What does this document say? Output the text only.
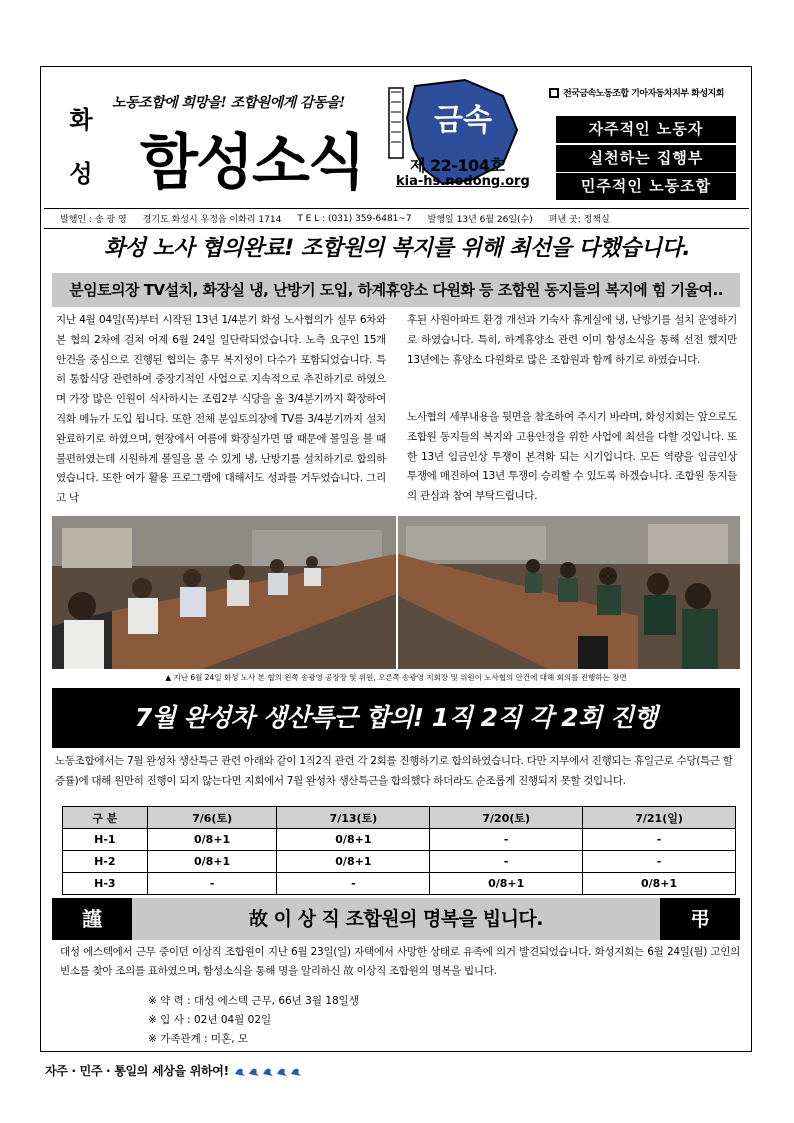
화
성
노동조합에 희망을! 조합원에게 감동을!
함성소식
금속
제 22-104호
kia-hs.nodong.org
전국금속노동조합 기아자동차지부 화성지회
자주적인 노동자
실천하는 집행부
민주적인 노동조합
발행인 : 송 광 영 경기도 화성시 우정읍 이화리 1714 T E L : (031) 359-6481~7 발행일 13년 6월 26일(수) 펴낸 곳: 정책실
화성 노사 협의완료! 조합원의 복지를 위해 최선을 다했습니다.
분임토의장 TV설치, 화장실 냉, 난방기 도입, 하계휴양소 다원화 등 조합원 동지들의 복지에 힘 기울여..
지난 4월 04일(목)부터 시작된 13년 1/4분기 화성 노사협의가 실무 6차와 본 협의 2차에 걸쳐 어제 6월 24일 일단락되었습니다. 노측 요구인 15개 안건을 중심으로 진행된 협의는 총무 복지성이 다수가 포함되었습니다. 특히 통합식당 관련하여 중장기적인 사업으로 지속적으로 추진하기로 하였으며 가장 많은 인원이 식사하시는 조립2부 식당을 올 3/4분기까지 확장하여 직화 메뉴가 도입 됩니다. 또한 전체 분임토의장에 TV를 3/4분기까지 설치 완료하기로 하였으며, 현장에서 여름에 화장실가면 땀 때문에 볼일을 볼 때 불편하였는데 시원하게 볼일을 볼 수 있게 냉, 난방기를 설치하기로 합의하였습니다. 또한 여가 활용 프로그램에 대해서도 성과를 거두었습니다. 그리고 낙
후된 사원아파트 환경 개선과 기숙사 휴게실에 냉, 난방기를 설치 운영하기로 하였습니다. 특히, 하계휴양소 관련 이미 함성소식을 통해 선전 했지만 13년에는 휴양소 다원화로 많은 조합원과 함께 하기로 하였습니다.
노사협의 세부내용을 뒷면을 참조하여 주시기 바라며, 화성지회는 앞으로도 조합원 동지들의 복지와 고용안정을 위한 사업에 최선을 다할 것입니다. 또한 13년 임금인상 투쟁이 본격화 되는 시기입니다. 모든 역량을 임금인상 투쟁에 매진하여 13년 투쟁이 승리할 수 있도록 하겠습니다. 조합원 동지들의 관심과 참여 부탁드립니다.
▲ 지난 6월 24일 화성 노사 본 협의 왼쪽 송광영 공장장 및 위원, 오른쪽 송광영 지회장 및 위원이 노사협의 안건에 대해 회의를 진행하는 장면
7월 완성차 생산특근 합의! 1직 2직 각 2회 진행
노동조합에서는 7월 완성차 생산특근 관련 아래와 같이 1직2직 관련 각 2회를 진행하기로 합의하였습니다. 다만 지부에서 진행되는 휴일근로 수당(특근 할증률)에 대해 원만히 진행이 되지 않는다면 지회에서 7월 완성차 생산특근을 합의했다 하더라도 순조롭게 진행되지 못할 것입니다.
구 분	7/6(토)	7/13(토)	7/20(토)	7/21(일)
H-1	0/8+1	0/8+1	-	-
H-2	0/8+1	0/8+1	-	-
H-3	-	-	0/8+1	0/8+1
謹	故 이 상 직 조합원의 명복을 빕니다.	弔
대성 에스텍에서 근무 중이던 이상직 조합원이 지난 6월 23일(일) 자택에서 사망한 상태로 유족에 의거 발견되었습니다. 화성지회는 6월 24일(월) 고인의 빈소를 찾아 조의를 표하였으며, 함성소식을 통해 명을 알리하신 故 이상직 조합원의 명복을 빕니다.
※ 약 력 : 대성 에스텍 근무, 66년 3월 18일생
※ 입 사 : 02년 04월 02일
※ 가족관계 : 미혼, 모
자주 · 민주 · 통일의 세상을 위하여!
